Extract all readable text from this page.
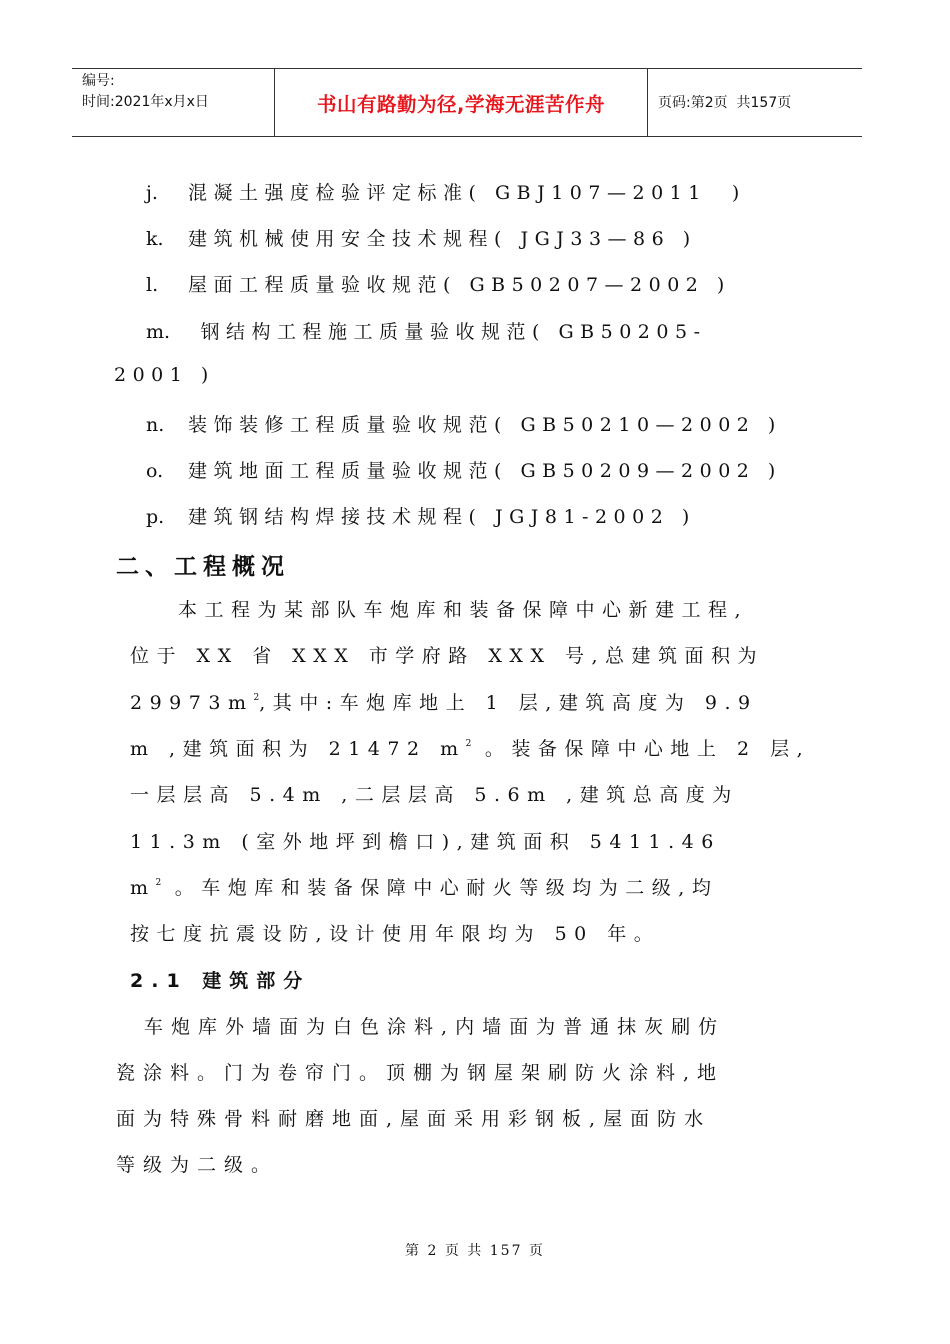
编号:
时间:2021年x月x日	书山有路勤为径,学海无涯苦作舟	页码:第2页  共157页
j. 混凝土强度检验评定标准( GBJ107—2011  )
k. 建筑机械使用安全技术规程( JGJ33—86 )
l. 屋面工程质量验收规范( GB50207—2002 )
m. 钢结构工程施工质量验收规范( GB50205-
2001 )
n. 装饰装修工程质量验收规范( GB50210—2002 )
o. 建筑地面工程质量验收规范( GB50209—2002 )
p. 建筑钢结构焊接技术规程( JGJ81-2002 )
二、工程概况
本工程为某部队车炮库和装备保障中心新建工程,
位于 XX 省 XXX 市学府路 XXX 号,总建筑面积为
$29973m^2$,其中:车炮库地上 1 层,建筑高度为 9.9
m ,建筑面积为 21472 $m^2$ 。装备保障中心地上 2 层,
一层层高 5.4m ,二层层高 5.6m ,建筑总高度为
11.3m (室外地坪到檐口),建筑面积 5411.46
$m^2$ 。车炮库和装备保障中心耐火等级均为二级,均
按七度抗震设防,设计使用年限均为 50 年。
2.1 建筑部分
车炮库外墙面为白色涂料,内墙面为普通抹灰刷仿
瓷涂料。门为卷帘门。顶棚为钢屋架刷防火涂料,地
面为特殊骨料耐磨地面,屋面采用彩钢板,屋面防水
等级为二级。
第 2 页 共 157 页
